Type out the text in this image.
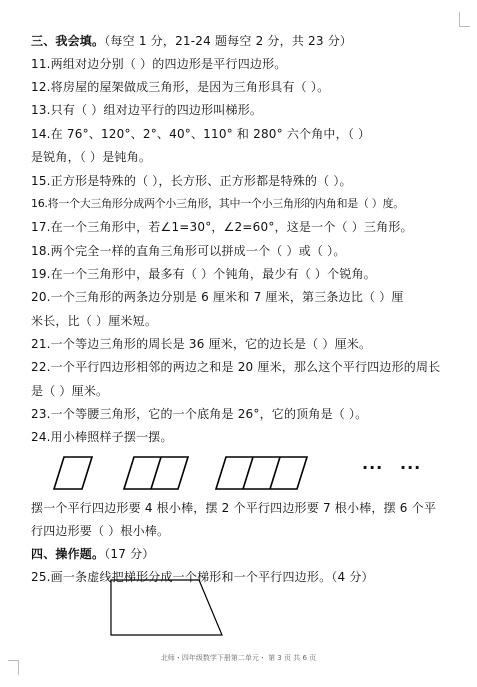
三、我会填。（每空 1 分，21-24 题每空 2 分，共 23 分）
11.两组对边分别（ ）的四边形是平行四边形。
12.将房屋的屋架做成三角形，是因为三角形具有（ ）。
13.只有（ ）组对边平行的四边形叫梯形。
14.在 76°、120°、2°、40°、110° 和 280° 六个角中，（ ）
是锐角，（ ）是钝角。
15.正方形是特殊的（ ），长方形、正方形都是特殊的（ ）。
16.将一个大三角形分成两个小三角形，其中一个小三角形的内角和是（ ）度。
17.在一个三角形中，若∠1=30°，∠2=60°，这是一个（ ）三角形。
18.两个完全一样的直角三角形可以拼成一个（ ）或（ ）。
19.在一个三角形中，最多有（ ）个钝角，最少有（ ）个锐角。
20.一个三角形的两条边分别是 6 厘米和 7 厘米，第三条边比（ ）厘
米长，比（ ）厘米短。
21.一个等边三角形的周长是 36 厘米，它的边长是（ ）厘米。
22.一个平行四边形相邻的两边之和是 20 厘米，那么这个平行四边形的周长
是（ ）厘米。
23.一个等腰三角形，它的一个底角是 26°，它的顶角是（ ）。
24.用小棒照样子摆一摆。
··· ···
摆一个平行四边形要 4 根小棒，摆 2 个平行四边形要 7 根小棒，摆 6 个平
行四边形要（ ）根小棒。
四、操作题。（17 分）
25.画一条虚线把梯形分成一个梯形和一个平行四边形。（4 分）
北师・四年级数学下册第二单元・ 第 3 页 共 6 页
